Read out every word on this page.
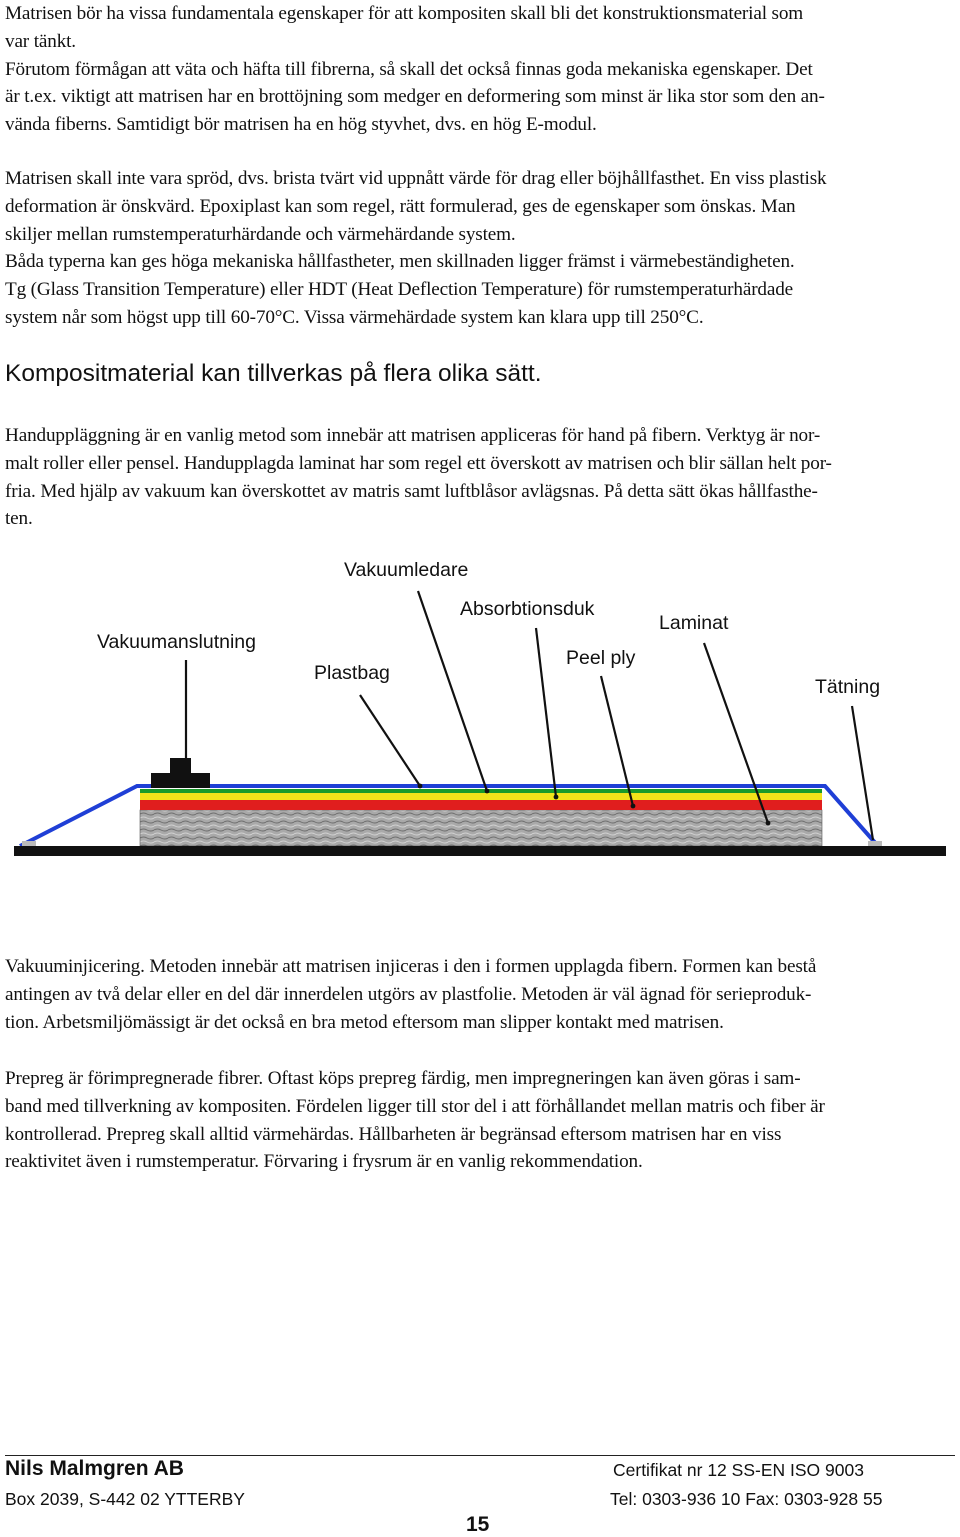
Matrisen bör ha vissa fundamentala egenskaper för att kompositen skall bli det konstruktionsmaterial som

var tänkt.

Förutom förmågan att väta och häfta till fibrerna, så skall det också finnas goda mekaniska egenskaper. Det

är t.ex. viktigt att matrisen har en brottöjning som medger en deformering som minst är lika stor som den an-

vända fiberns. Samtidigt bör matrisen ha en hög styvhet, dvs. en hög E-modul.

Matrisen skall inte vara spröd, dvs. brista tvärt vid uppnått värde för drag eller böjhållfasthet. En viss plastisk

deformation är önskvärd. Epoxiplast kan som regel, rätt formulerad, ges de egenskaper som önskas. Man

skiljer mellan rumstemperaturhärdande och värmehärdande system.

Båda typerna kan ges höga mekaniska hållfastheter, men skillnaden ligger främst i värmebeständigheten.

Tg (Glass Transition Temperature) eller HDT (Heat Deflection Temperature) för rumstemperaturhärdade

system når som högst upp till 60-70°C. Vissa värmehärdade system kan klara upp till 250°C.

Kompositmaterial kan tillverkas på flera olika sätt.

Handuppläggning är en vanlig metod som innebär att matrisen appliceras för hand på fibern. Verktyg är nor-

malt roller eller pensel. Handupplagda laminat har som regel ett överskott av matrisen och blir sällan helt por-

fria. Med hjälp av vakuum kan överskottet av matris samt luftblåsor avlägsnas. På detta sätt ökas hållfasthe-

ten.

Vakuumledare
Absorbtionsduk
Laminat
Vakuumanslutning
Peel ply
Plastbag
Tätning

Vakuuminjicering. Metoden innebär att matrisen injiceras i den i formen upplagda fibern. Formen kan bestå

antingen av två delar eller en del där innerdelen utgörs av plastfolie. Metoden är väl ägnad för serieproduk-

tion. Arbetsmiljömässigt är det också en bra metod eftersom man slipper kontakt med matrisen.

Prepreg är förimpregnerade fibrer. Oftast köps prepreg färdig, men impregneringen kan även göras i sam-

band med tillverkning av kompositen. Fördelen ligger till stor del i att förhållandet mellan matris och fiber är

kontrollerad. Prepreg skall alltid värmehärdas. Hållbarheten är begränsad eftersom matrisen har en viss

reaktivitet även i rumstemperatur. Förvaring i frysrum är en vanlig rekommendation.

Nils Malmgren AB
Box 2039, S-442 02 YTTERBY
Certifikat nr 12 SS-EN ISO 9003
Tel: 0303-936 10 Fax: 0303-928 55
15
